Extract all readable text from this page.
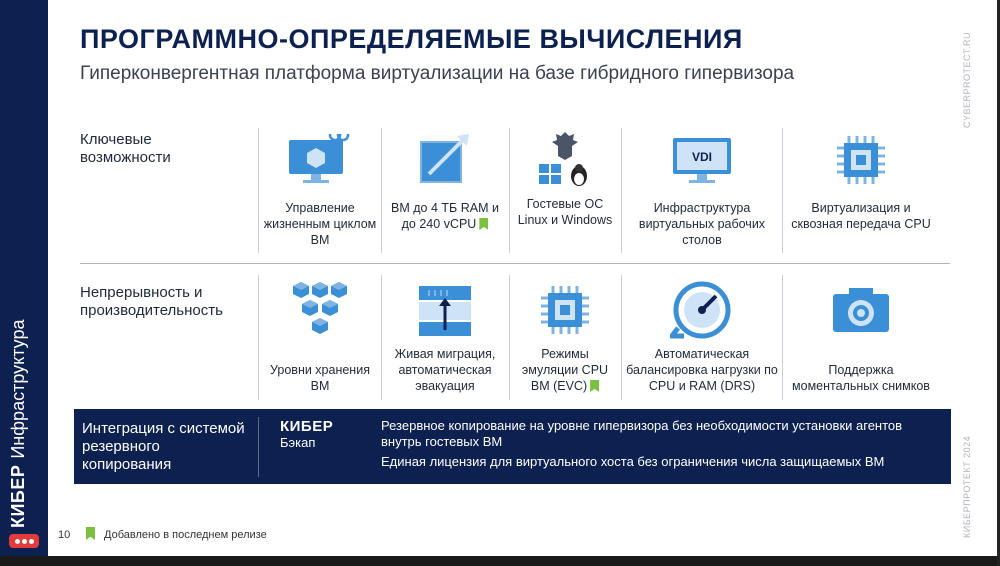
КИБЕРИнфраструктура
ПРОГРАММНО-ОПРЕДЕЛЯЕМЫЕ ВЫЧИСЛЕНИЯ
Гиперконвергентная платформа виртуализации на базе гибридного гипервизора	CYBERPROTECT.RU
КИБЕРПРОТЕКТ 2024
Ключевые возможности
Управление жизненным циклом ВМ
ВМ до 4 ТБ RAM и до 240 vCPU
Гостевые ОС Linux и Windows
VDI
Инфраструктура виртуальных рабочих столов
Виртуализация и сквозная передача CPU
Непрерывность и производительность
Уровни хранения ВМ
Живая миграция, автоматическая эвакуация
Режимы эмуляции CPU ВМ (EVC)
Автоматическая балансировка нагрузки по CPU и RAM (DRS)
Поддержка моментальных снимков
Интеграция с системой резервного копирования
КИБЕР
Бэкап
Резервное копирование на уровне гипервизора без необходимости установки агентов внутрь гостевых ВМ
Единая лицензия для виртуального хоста без ограничения числа защищаемых ВМ
10	Добавлено в последнем релизе
